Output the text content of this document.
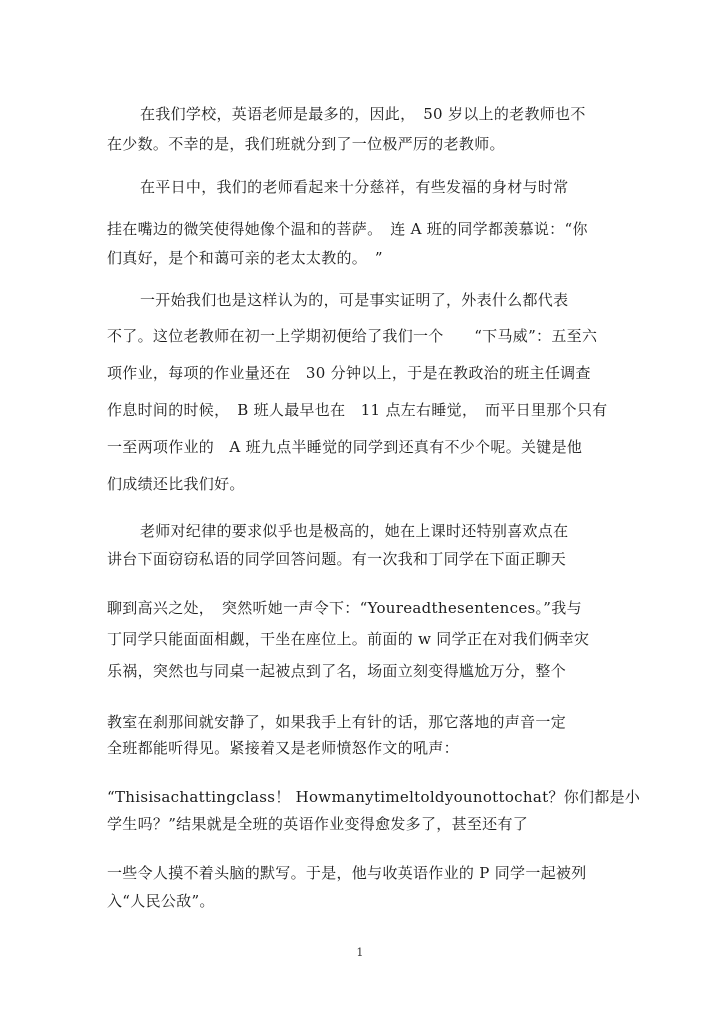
在我们学校，英语老师是最多的，因此，　50 岁以上的老教师也不
在少数。不幸的是，我们班就分到了一位极严厉的老教师。
在平日中，我们的老师看起来十分慈祥，有些发福的身材与时常
挂在嘴边的微笑使得她像个温和的菩萨。　连 A 班的同学都羡慕说：“你
们真好，是个和蔼可亲的老太太教的。　”
一开始我们也是这样认为的，可是事实证明了，外表什么都代表
不了。这位老教师在初一上学期初便给了我们一个　　“下马威”：五至六
项作业，每项的作业量还在　30 分钟以上，于是在教政治的班主任调查
作息时间的时候，　B 班人最早也在　11 点左右睡觉，　而平日里那个只有
一至两项作业的　A 班九点半睡觉的同学到还真有不少个呢。关键是他
们成绩还比我们好。
老师对纪律的要求似乎也是极高的，她在上课时还特别喜欢点在
讲台下面窃窃私语的同学回答问题。有一次我和丁同学在下面正聊天
聊到高兴之处，　突然听她一声令下：“Youreadthesentences。”我与
丁同学只能面面相觑，干坐在座位上。前面的 w 同学正在对我们俩幸灾
乐祸，突然也与同桌一起被点到了名，场面立刻变得尴尬万分，整个
教室在刹那间就安静了，如果我手上有针的话，那它落地的声音一定
全班都能听得见。紧接着又是老师愤怒作文的吼声：
“Thisisachattingclass！ Howmanytimeltoldyounottochat？你们都是小
学生吗？”结果就是全班的英语作业变得愈发多了，甚至还有了
一些令人摸不着头脑的默写。于是，他与收英语作业的 P 同学一起被列
入“人民公敌”。
1
